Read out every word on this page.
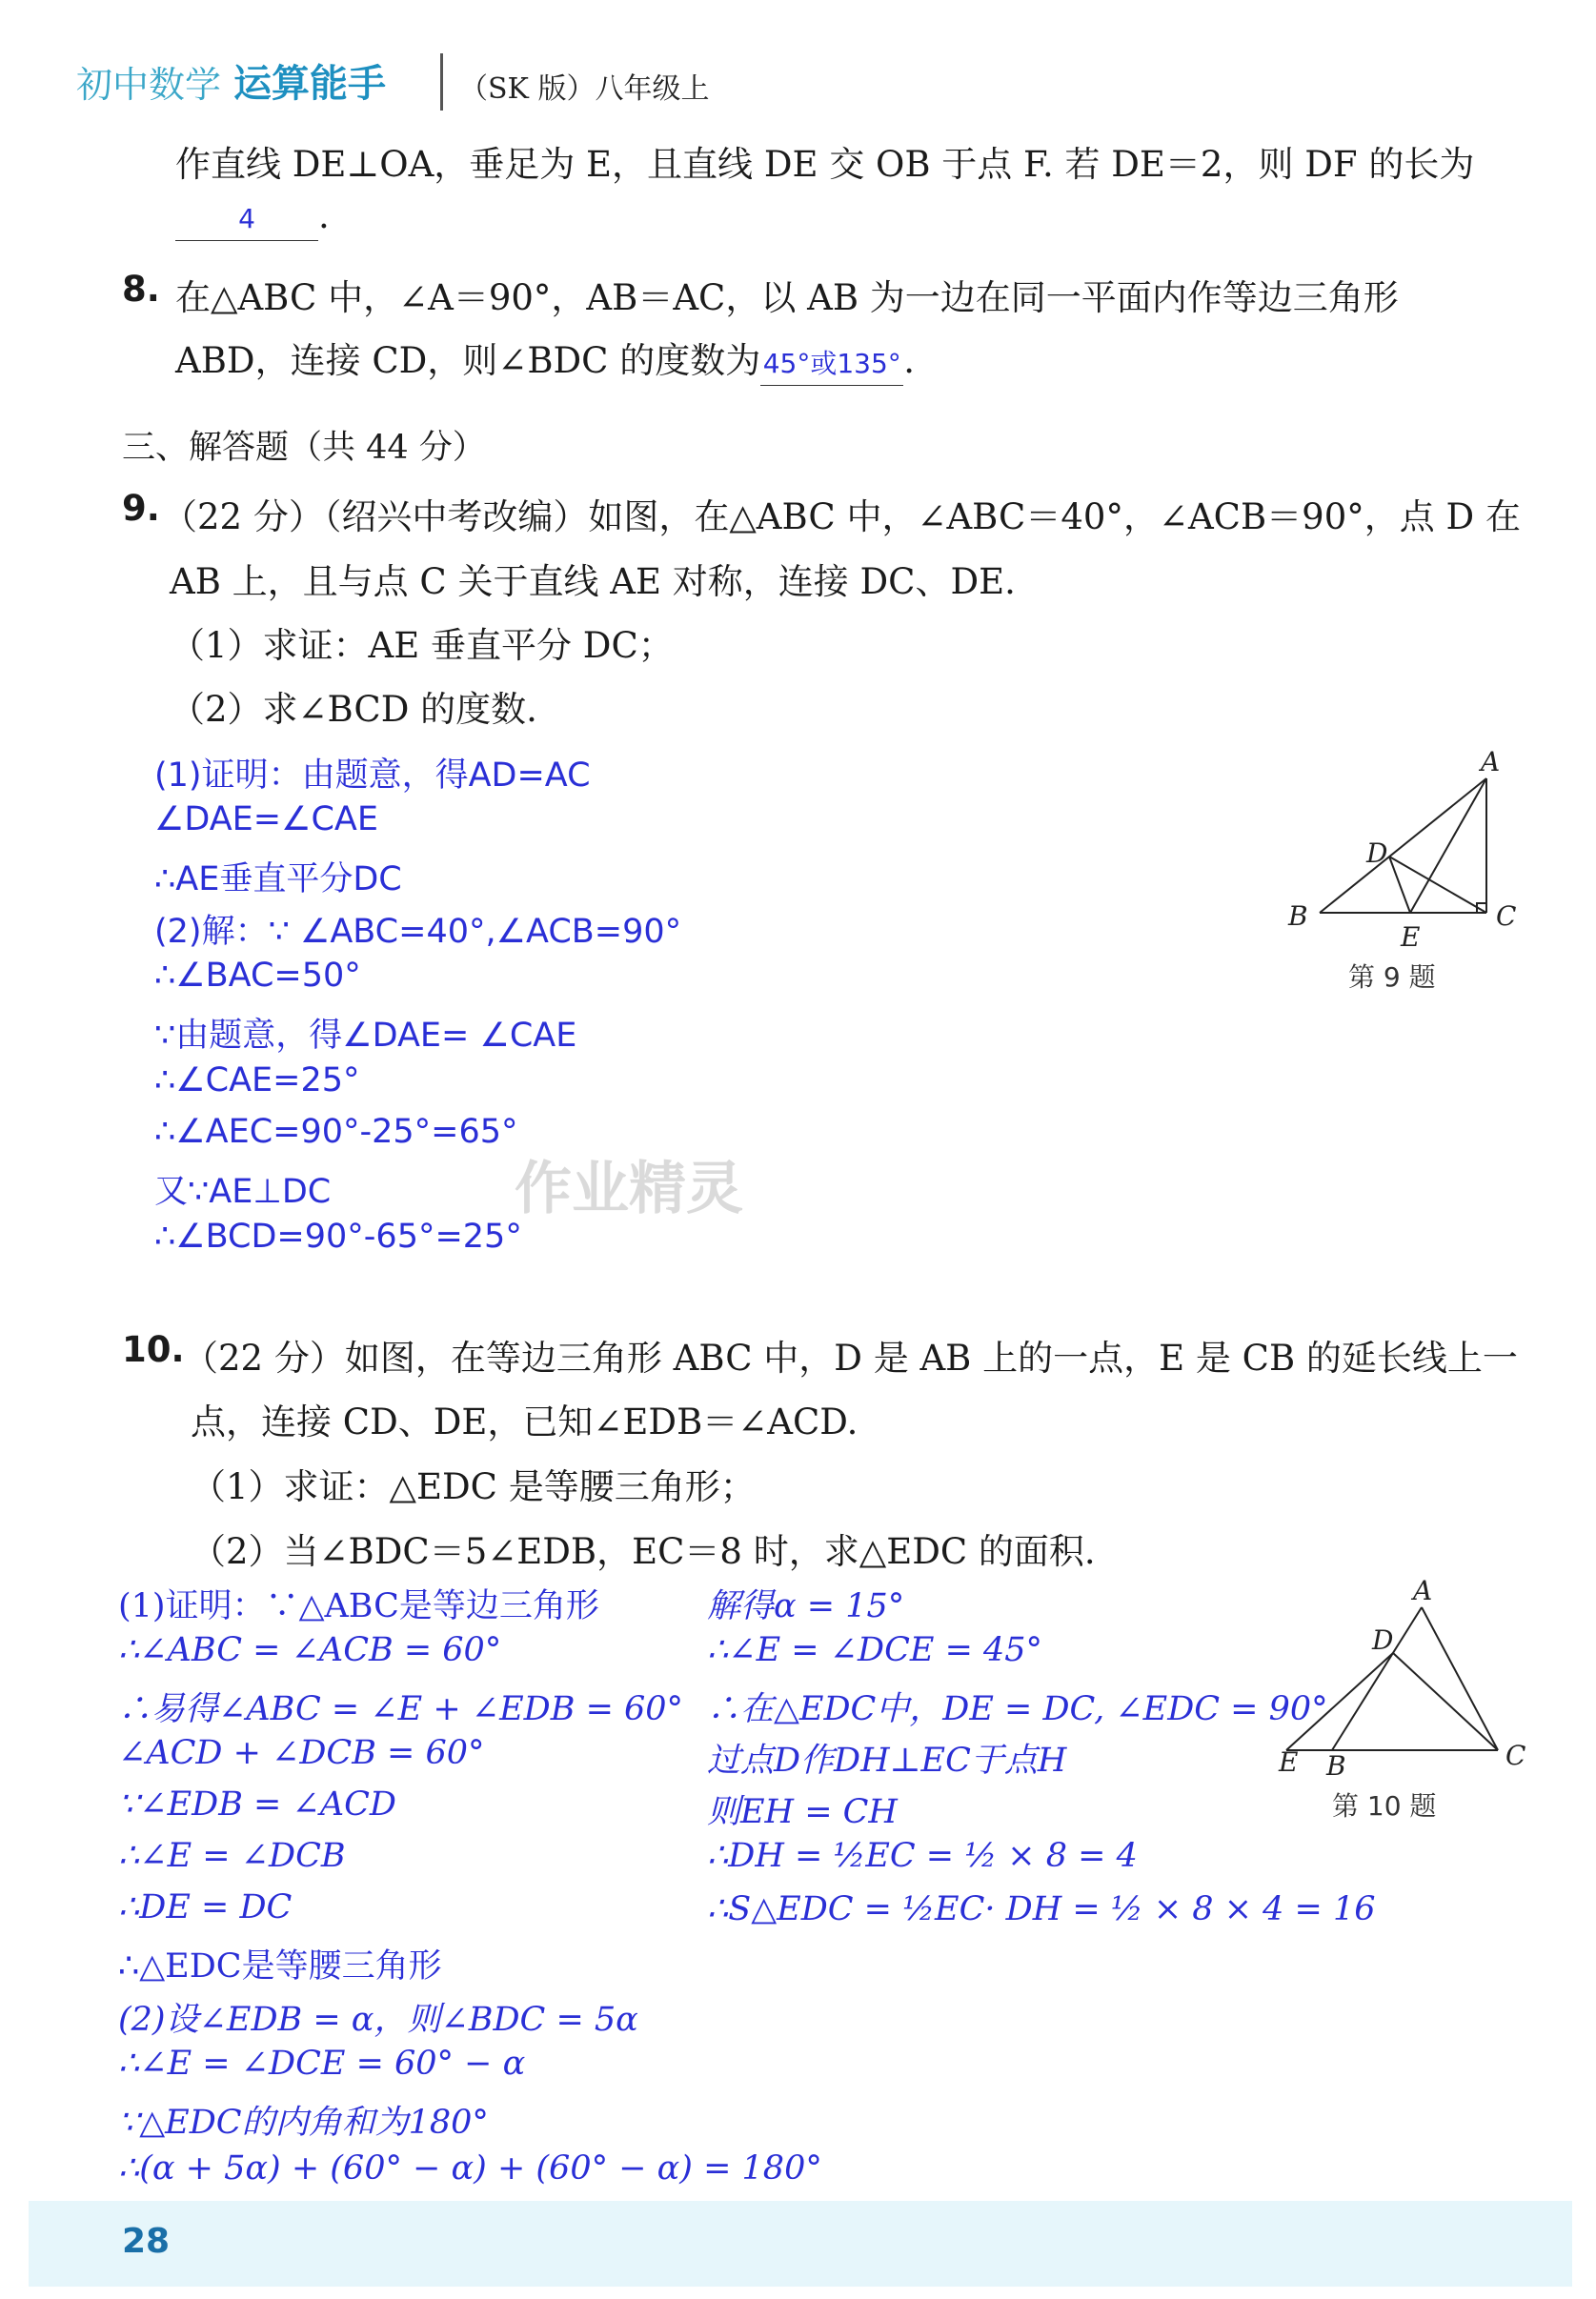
初中数学 运算能手	（SK 版）八年级上
作直线 DE⊥OA，垂足为 E，且直线 DE 交 OB 于点 F. 若 DE＝2，则 DF 的长为
4 .
8. 在△ABC 中，∠A＝90°，AB＝AC，以 AB 为一边在同一平面内作等边三角形
ABD，连接 CD，则∠BDC 的度数为45°或135°.
三、解答题（共 44 分）
9. （22 分）（绍兴中考改编）如图，在△ABC 中，∠ABC＝40°，∠ACB＝90°，点 D 在
AB 上，且与点 C 关于直线 AE 对称，连接 DC、DE.
（1）求证：AE 垂直平分 DC；
（2）求∠BCD 的度数.
(1)证明：由题意，得AD=AC
∠DAE=∠CAE
∴AE垂直平分DC
(2)解：∵ ∠ABC=40°,∠ACB=90°
∴∠BAC=50°
∵由题意，得∠DAE= ∠CAE
∴∠CAE=25°
∴∠AEC=90°-25°=65°
又∵AE⊥DC
∴∠BCD=90°-65°=25°
作业精灵
A
D
B
E
C
第 9 题
10.
（22 分）如图，在等边三角形 ABC 中，D 是 AB 上的一点，E 是 CB 的延长线上一
点，连接 CD、DE，已知∠EDB＝∠ACD.
（1）求证：△EDC 是等腰三角形；
（2）当∠BDC＝5∠EDB，EC＝8 时，求△EDC 的面积.
(1)证明：∵△ABC是等边三角形
∴∠ABC = ∠ACB = 60°
∴易得∠ABC = ∠E + ∠EDB = 60°
∠ACD + ∠DCB = 60°
∵∠EDB = ∠ACD
∴∠E = ∠DCB
∴DE = DC
∴△EDC是等腰三角形
(2)设∠EDB = α，则∠BDC = 5α
∴∠E = ∠DCE = 60° − α
∵△EDC的内角和为180°
∴(α + 5α) + (60° − α) + (60° − α) = 180°
解得α = 15°
∴∠E = ∠DCE = 45°
∴在△EDC中，DE = DC, ∠EDC = 90°
过点D作DH⊥EC于点H
则EH = CH
∴DH = ½EC = ½ × 8 = 4
∴S△EDC = ½EC· DH = ½ × 8 × 4 = 16
A
D
E B	C
第 10 题
28
